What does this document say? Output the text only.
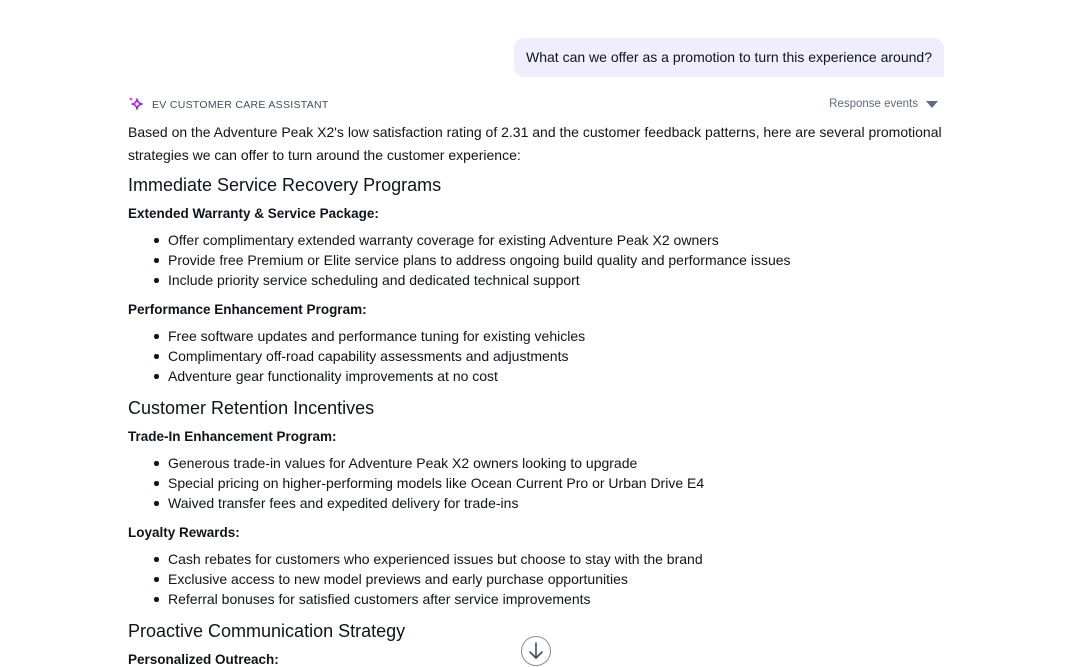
What can we offer as a promotion to turn this experience around?
EV CUSTOMER CARE ASSISTANT	Response events

Based on the Adventure Peak X2's low satisfaction rating of 2.31 and the customer feedback patterns, here are several promotional strategies we can offer to turn around the customer experience:

Immediate Service Recovery Programs
Extended Warranty & Service Package:
Offer complimentary extended warranty coverage for existing Adventure Peak X2 owners
Provide free Premium or Elite service plans to address ongoing build quality and performance issues
Include priority service scheduling and dedicated technical support
Performance Enhancement Program:
Free software updates and performance tuning for existing vehicles
Complimentary off-road capability assessments and adjustments
Adventure gear functionality improvements at no cost
Customer Retention Incentives
Trade-In Enhancement Program:
Generous trade-in values for Adventure Peak X2 owners looking to upgrade
Special pricing on higher-performing models like Ocean Current Pro or Urban Drive E4
Waived transfer fees and expedited delivery for trade-ins
Loyalty Rewards:
Cash rebates for customers who experienced issues but choose to stay with the brand
Exclusive access to new model previews and early purchase opportunities
Referral bonuses for satisfied customers after service improvements
Proactive Communication Strategy
Personalized Outreach:
